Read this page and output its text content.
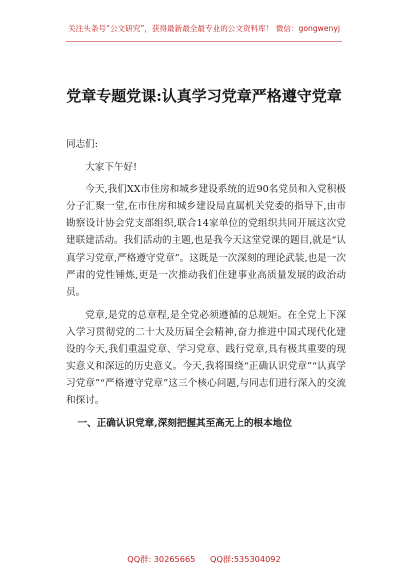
关注头条号“公文研究”，获得最新最全最专业的公文资料库！ 微信：gongwenyj
党章专题党课:认真学习党章严格遵守党章

同志们:

大家下午好!

今天,我们XX市住房和城乡建设系统的近90名党员和入党积极分子汇聚一堂,在市住房和城乡建设局直属机关党委的指导下,由市勘察设计协会党支部组织,联合14家单位的党组织共同开展这次党建联建活动。我们活动的主题,也是我今天这堂党课的题目,就是“认真学习党章,严格遵守党章”。这既是一次深刻的理论武装,也是一次严肃的党性锤炼,更是一次推动我们住建事业高质量发展的政治动员。

党章,是党的总章程,是全党必须遵循的总规矩。在全党上下深入学习贯彻党的二十大及历届全会精神,奋力推进中国式现代化建设的今天,我们重温党章、学习党章、践行党章,具有极其重要的现实意义和深远的历史意义。今天,我将围绕“正确认识党章”“认真学习党章”“严格遵守党章”这三个核心问题,与同志们进行深入的交流和探讨。

一、正确认识党章,深刻把握其至高无上的根本地位

QQ群: 30265665 QQ群:535304092
